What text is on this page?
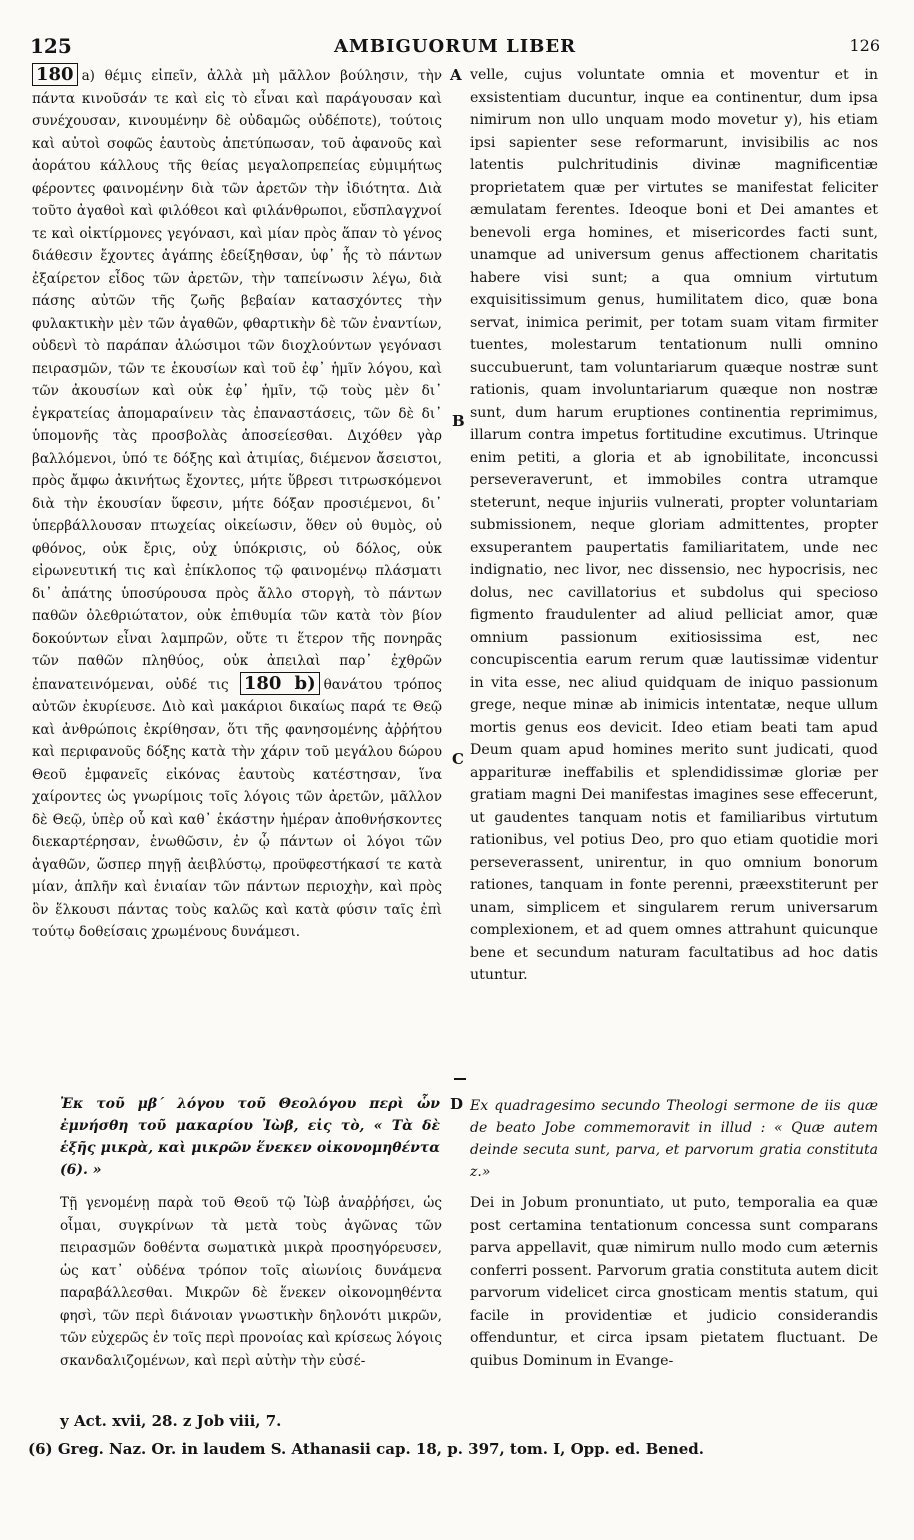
125	AMBIGUORUM LIBER	126

180 a) θέμις εἰπεῖν, ἀλλὰ μὴ μᾶλλον βούλησιν, τὴν πάντα κινοῦσάν τε καὶ εἰς τὸ εἶναι καὶ παράγουσαν καὶ συνέχουσαν, κινουμένην δὲ οὐδαμῶς οὐδέποτε), τούτοις καὶ αὐτοὶ σοφῶς ἑαυτοὺς ἀπετύπωσαν, τοῦ ἀφανοῦς καὶ ἀοράτου κάλλους τῆς θείας μεγαλοπρεπείας εὐμιμήτως φέροντες φαινομένην διὰ τῶν ἀρετῶν τὴν ἰδιότητα. Διὰ τοῦτο ἀγαθοὶ καὶ φιλόθεοι καὶ φιλάνθρωποι, εὔσπλαγχνοί τε καὶ οἰκτίρμονες γεγόνασι, καὶ μίαν πρὸς ἅπαν τὸ γένος διάθεσιν ἔχοντες ἀγάπης ἐδείξηθσαν, ὑφ᾿ ἧς τὸ πάντων ἐξαίρετον εἶδος τῶν ἀρετῶν, τὴν ταπείνωσιν λέγω, διὰ πάσης αὐτῶν τῆς ζωῆς βεβαίαν κατασχόντες τὴν φυλακτικὴν μὲν τῶν ἀγαθῶν, φθαρτικὴν δὲ τῶν ἐναντίων, οὐδενὶ τὸ παράπαν ἁλώσιμοι τῶν διοχλούντων γεγόνασι πειρασμῶν, τῶν τε ἑκουσίων καὶ τοῦ ἐφ᾿ ἡμῖν λόγου, καὶ τῶν ἀκουσίων καὶ οὐκ ἐφ᾿ ἡμῖν, τῷ τοὺς μὲν δι᾿ ἐγκρατείας ἀπομαραίνειν τὰς ἐπαναστάσεις, τῶν δὲ δι᾿ ὑπομονῆς τὰς προσβολὰς ἀποσείεσθαι. Διχόθεν γὰρ βαλλόμενοι, ὑπό τε δόξης καὶ ἀτιμίας, διέμενον ἄσειστοι, πρὸς ἄμφω ἀκινήτως ἔχοντες, μήτε ὕβρεσι τιτρωσκόμενοι διὰ τὴν ἑκουσίαν ὕφεσιν, μήτε δόξαν προσιέμενοι, δι᾿ ὑπερβάλλουσαν πτωχείας οἰκείωσιν, ὅθεν οὐ θυμὸς, οὐ φθόνος, οὐκ ἔρις, οὐχ ὑπόκρισις, οὐ δόλος, οὐκ εἰρωνευτική τις καὶ ἐπίκλοπος τῷ φαινομένῳ πλάσματι δι᾿ ἀπάτης ὑποσύρουσα πρὸς ἄλλο στοργὴ, τὸ πάντων παθῶν ὀλεθριώτατον, οὐκ ἐπιθυμία τῶν κατὰ τὸν βίον δοκούντων εἶναι λαμπρῶν, οὔτε τι ἕτερον τῆς πονηρᾶς τῶν παθῶν πληθύος, οὐκ ἀπειλαὶ παρ᾿ ἐχθρῶν ἐπανατεινόμεναι, οὐδέ τις 180 b) θανάτου τρόπος αὐτῶν ἐκυρίευσε. Διὸ καὶ μακάριοι δικαίως παρά τε Θεῷ καὶ ἀνθρώποις ἐκρίθησαν, ὅτι τῆς φανησομένης ἀῤῥήτου καὶ περιφανοῦς δόξης κατὰ τὴν χάριν τοῦ μεγάλου δώρου Θεοῦ ἐμφανεῖς εἰκόνας ἑαυτοὺς κατέστησαν, ἵνα χαίροντες ὡς γνωρίμοις τοῖς λόγοις τῶν ἀρετῶν, μᾶλλον δὲ Θεῷ, ὑπὲρ οὗ καὶ καθ᾿ ἑκάστην ἡμέραν ἀποθνήσκοντες διεκαρτέρησαν, ἑνωθῶσιν, ἐν ᾧ πάντων οἱ λόγοι τῶν ἀγαθῶν, ὥσπερ πηγῇ ἀειβλύστῳ, προϋφεστήκασί τε κατὰ μίαν, ἁπλῆν καὶ ἑνιαίαν τῶν πάντων περιοχὴν, καὶ πρὸς ὃν ἕλκουσι πάντας τοὺς καλῶς καὶ κατὰ φύσιν ταῖς ἐπὶ τούτῳ δοθείσαις χρωμένους δυνάμεσι.

A
B
C
D

velle, cujus voluntate omnia et moventur et in exsistentiam ducuntur, inque ea continentur, dum ipsa nimirum non ullo unquam modo movetur y), his etiam ipsi sapienter sese reformarunt, invisibilis ac nos latentis pulchritudinis divinæ magnificentiæ proprietatem quæ per virtutes se manifestat feliciter æmulatam ferentes. Ideoque boni et Dei amantes et benevoli erga homines, et misericordes facti sunt, unamque ad universum genus affectionem charitatis habere visi sunt; a qua omnium virtutum exquisitissimum genus, humilitatem dico, quæ bona servat, inimica perimit, per totam suam vitam firmiter tuentes, molestarum tentationum nulli omnino succubuerunt, tam voluntariarum quæque nostræ sunt rationis, quam involuntariarum quæque non nostræ sunt, dum harum eruptiones continentia reprimimus, illarum contra impetus fortitudine excutimus. Utrinque enim petiti, a gloria et ab ignobilitate, inconcussi perseveraverunt, et immobiles contra utramque steterunt, neque injuriis vulnerati, propter voluntariam submissionem, neque gloriam admittentes, propter exsuperantem paupertatis familiaritatem, unde nec indignatio, nec livor, nec dissensio, nec hypocrisis, nec dolus, nec cavillatorius et subdolus qui specioso figmento fraudulenter ad aliud pelliciat amor, quæ omnium passionum exitiosissima est, nec concupiscentia earum rerum quæ lautissimæ videntur in vita esse, nec aliud quidquam de iniquo passionum grege, neque minæ ab inimicis intentatæ, neque ullum mortis genus eos devicit. Ideo etiam beati tam apud Deum quam apud homines merito sunt judicati, quod apparituræ ineffabilis et splendidissimæ gloriæ per gratiam magni Dei manifestas imagines sese effecerunt, ut gaudentes tanquam notis et familiaribus virtutum rationibus, vel potius Deo, pro quo etiam quotidie mori perseverassent, unirentur, in quo omnium bonorum rationes, tanquam in fonte perenni, præexstiterunt per unam, simplicem et singularem rerum universarum complexionem, et ad quem omnes attrahunt quicunque bene et secundum naturam facultatibus ad hoc datis utuntur.

Ἐκ τοῦ μβ´ λόγου τοῦ Θεολόγου περὶ ὧν ἐμνήσθη τοῦ μακαρίου Ἰὼβ, εἰς τὸ, « Τὰ δὲ ἑξῆς μικρὰ, καὶ μικρῶν ἕνεκεν οἰκονομηθέντα (6). »
Ex quadragesimo secundo Theologi sermone de iis quæ de beato Jobe commemoravit in illud : « Quæ autem deinde secuta sunt, parva, et parvorum gratia constituta z.»
Τῇ γενομένῃ παρὰ τοῦ Θεοῦ τῷ Ἰὼβ ἀναῤῥήσει, ὡς οἶμαι, συγκρίνων τὰ μετὰ τοὺς ἀγῶνας τῶν πειρασμῶν δοθέντα σωματικὰ μικρὰ προσηγόρευσεν, ὡς κατ᾿ οὐδένα τρόπον τοῖς αἰωνίοις δυνάμενα παραβάλλεσθαι. Μικρῶν δὲ ἕνεκεν οἰκονομηθέντα φησὶ, τῶν περὶ διάνοιαν γνωστικὴν δηλονότι μικρῶν, τῶν εὐχερῶς ἐν τοῖς περὶ προνοίας καὶ κρίσεως λόγοις σκανδαλιζομένων, καὶ περὶ αὐτὴν τὴν εὐσέ-
Dei in Jobum pronuntiato, ut puto, temporalia ea quæ post certamina tentationum concessa sunt comparans parva appellavit, quæ nimirum nullo modo cum æternis conferri possent. Parvorum gratia constituta autem dicit parvorum videlicet circa gnosticam mentis statum, qui facile in providentiæ et judicio considerandis offenduntur, et circa ipsam pietatem fluctuant. De quibus Dominum in Evange-
y Act. xvii, 28. z Job viii, 7.
(6) Greg. Naz. Or. in laudem S. Athanasii cap. 18, p. 397, tom. I, Opp. ed. Bened.
